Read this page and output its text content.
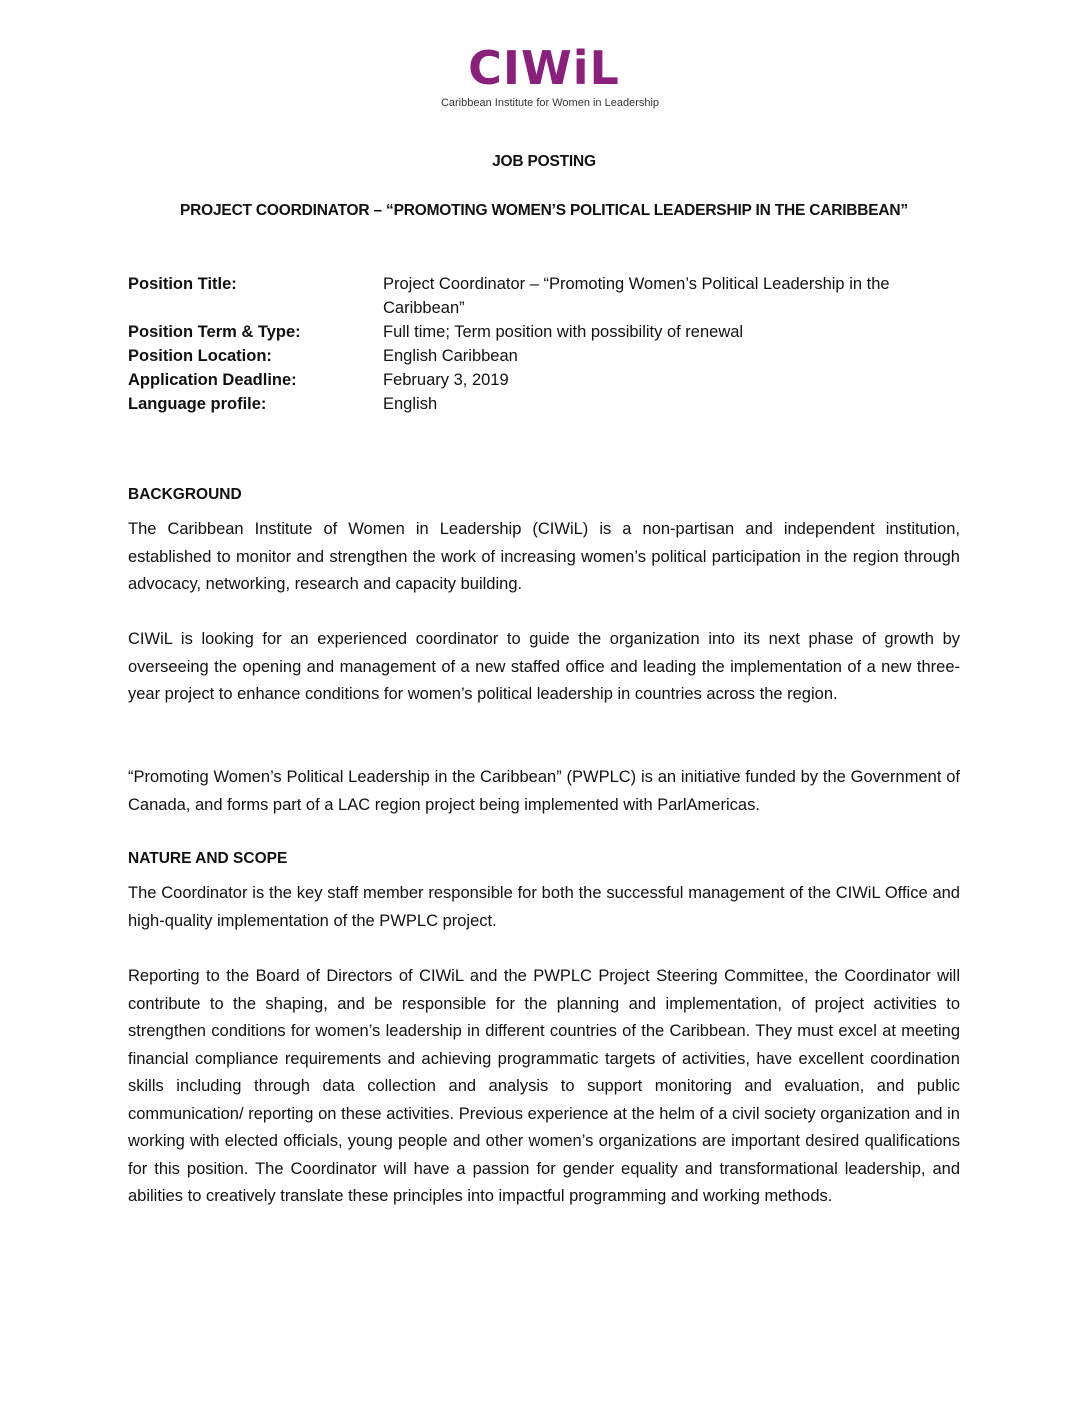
CIWiL
Caribbean Institute for Women in Leadership
JOB POSTING
PROJECT COORDINATOR – “PROMOTING WOMEN’S POLITICAL LEADERSHIP IN THE CARIBBEAN”
Position Title:	Project Coordinator – “Promoting Women’s Political Leadership in the Caribbean”
Position Term & Type:	Full time; Term position with possibility of renewal
Position Location:	English Caribbean
Application Deadline:	February 3, 2019
Language profile:	English
BACKGROUND

The Caribbean Institute of Women in Leadership (CIWiL) is a non-partisan and independent institution, established to monitor and strengthen the work of increasing women’s political participation in the region through advocacy, networking, research and capacity building.

CIWiL is looking for an experienced coordinator to guide the organization into its next phase of growth by overseeing the opening and management of a new staffed office and leading the implementation of a new three-year project to enhance conditions for women’s political leadership in countries across the region.

“Promoting Women’s Political Leadership in the Caribbean” (PWPLC) is an initiative funded by the Government of Canada, and forms part of a LAC region project being implemented with ParlAmericas.

NATURE AND SCOPE

The Coordinator is the key staff member responsible for both the successful management of the CIWiL Office and high-quality implementation of the PWPLC project.

Reporting to the Board of Directors of CIWiL and the PWPLC Project Steering Committee, the Coordinator will contribute to the shaping, and be responsible for the planning and implementation, of project activities to strengthen conditions for women’s leadership in different countries of the Caribbean. They must excel at meeting financial compliance requirements and achieving programmatic targets of activities, have excellent coordination skills including through data collection and analysis to support monitoring and evaluation, and public communication/ reporting on these activities. Previous experience at the helm of a civil society organization and in working with elected officials, young people and other women’s organizations are important desired qualifications for this position. The Coordinator will have a passion for gender equality and transformational leadership, and abilities to creatively translate these principles into impactful programming and working methods.
